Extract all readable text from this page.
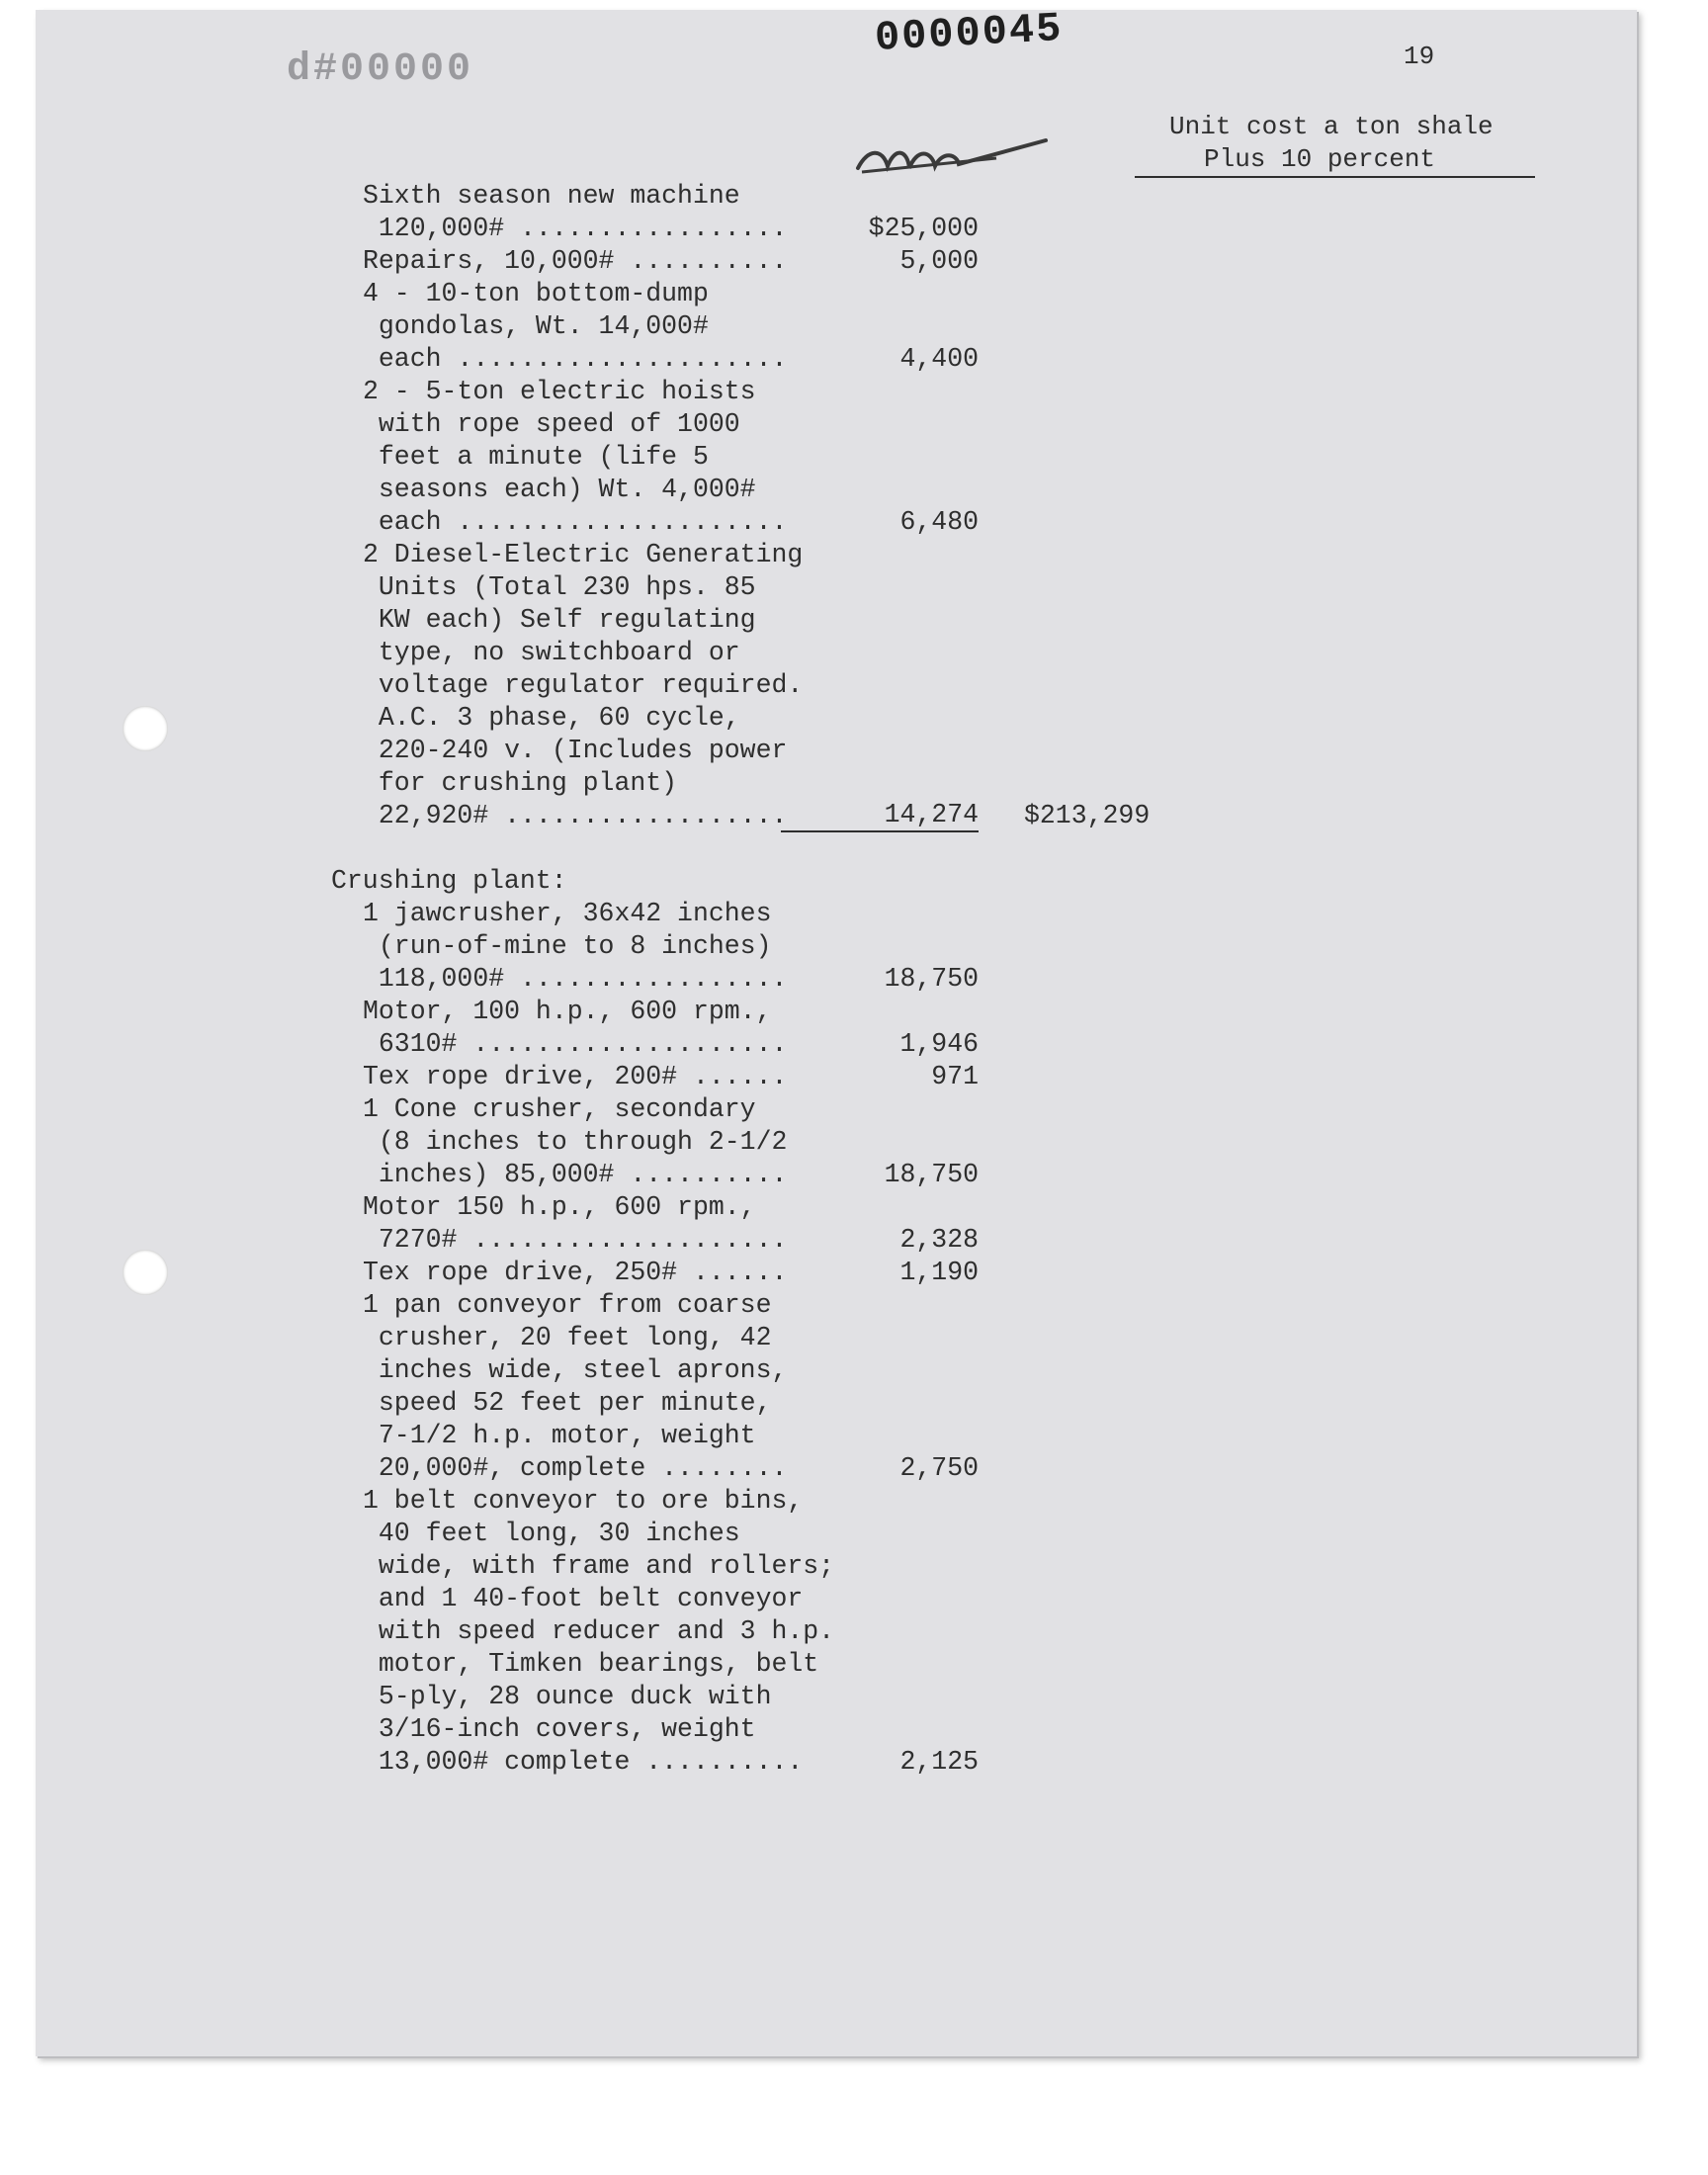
d#00000
0000045	19
Unit cost a ton shale
Plus 10 percent
Sixth season new machine
120,000# .................
Repairs, 10,000# ..........
4 - 10-ton bottom-dump
gondolas, Wt. 14,000#
each .....................
2 - 5-ton electric hoists
with rope speed of 1000
feet a minute (life 5
seasons each) Wt. 4,000#
each .....................
2 Diesel-Electric Generating
Units (Total 230 hps. 85
KW each) Self regulating
type, no switchboard or
voltage regulator required.
A.C. 3 phase, 60 cycle,
220-240 v. (Includes power
for crushing plant)
22,920# ..................
Crushing plant:
1 jawcrusher, 36x42 inches
(run-of-mine to 8 inches)
118,000# .................
Motor, 100 h.p., 600 rpm.,
6310# ....................
Tex rope drive, 200# ......
1 Cone crusher, secondary
(8 inches to through 2-1/2
inches) 85,000# ..........
Motor 150 h.p., 600 rpm.,
7270# ....................
Tex rope drive, 250# ......
1 pan conveyor from coarse
crusher, 20 feet long, 42
inches wide, steel aprons,
speed 52 feet per minute,
7-1/2 h.p. motor, weight
20,000#, complete ........
1 belt conveyor to ore bins,
40 feet long, 30 inches
wide, with frame and rollers;
and 1 40-foot belt conveyor
with speed reducer and 3 h.p.
motor, Timken bearings, belt
5-ply, 28 ounce duck with
3/16-inch covers, weight
13,000# complete ..........
$25,000
5,000
4,400
6,480
14,274
18,750
1,946
971
18,750
2,328
1,190
2,750
2,125
$213,299
